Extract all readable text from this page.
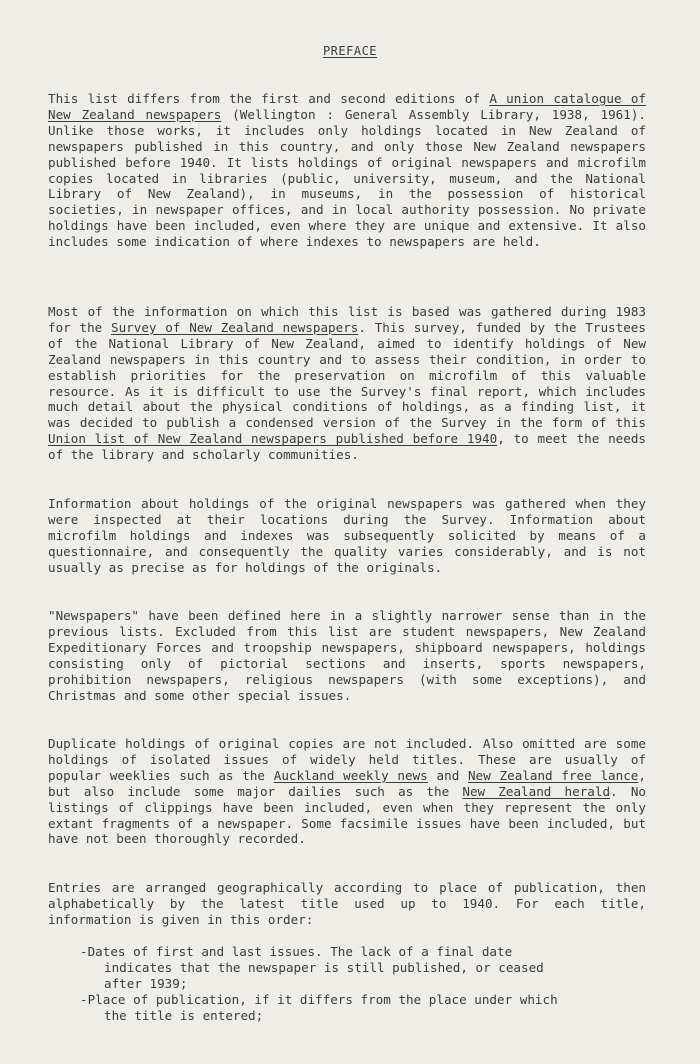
PREFACE

This list differs from the first and second editions of A union catalogue of New Zealand newspapers (Wellington : General Assembly Library, 1938, 1961). Unlike those works, it includes only holdings located in New Zealand of newspapers published in this country, and only those New Zealand newspapers published before 1940. It lists holdings of original newspapers and microfilm copies located in libraries (public, university, museum, and the National Library of New Zealand), in museums, in the possession of historical societies, in newspaper offices, and in local authority possession. No private holdings have been included, even where they are unique and extensive. It also includes some indication of where indexes to newspapers are held.

Most of the information on which this list is based was gathered during 1983 for the Survey of New Zealand newspapers. This survey, funded by the Trustees of the National Library of New Zealand, aimed to identify holdings of New Zealand newspapers in this country and to assess their condition, in order to establish priorities for the preservation on microfilm of this valuable resource. As it is difficult to use the Survey's final report, which includes much detail about the physical conditions of holdings, as a finding list, it was decided to publish a condensed version of the Survey in the form of this Union list of New Zealand newspapers published before 1940, to meet the needs of the library and scholarly communities.

Information about holdings of the original newspapers was gathered when they were inspected at their locations during the Survey. Information about microfilm holdings and indexes was subsequently solicited by means of a questionnaire, and consequently the quality varies considerably, and is not usually as precise as for holdings of the originals.

"Newspapers" have been defined here in a slightly narrower sense than in the previous lists. Excluded from this list are student newspapers, New Zealand Expeditionary Forces and troopship newspapers, shipboard newspapers, holdings consisting only of pictorial sections and inserts, sports newspapers, prohibition newspapers, religious newspapers (with some exceptions), and Christmas and some other special issues.

Duplicate holdings of original copies are not included. Also omitted are some holdings of isolated issues of widely held titles. These are usually of popular weeklies such as the Auckland weekly news and New Zealand free lance, but also include some major dailies such as the New Zealand herald. No listings of clippings have been included, even when they represent the only extant fragments of a newspaper. Some facsimile issues have been included, but have not been thoroughly recorded.

Entries are arranged geographically according to place of publication, then alphabetically by the latest title used up to 1940. For each title, information is given in this order:

-Dates of first and last issues. The lack of a final date indicates that the newspaper is still published, or ceased after 1939;
-Place of publication, if it differs from the place under which the title is entered;
